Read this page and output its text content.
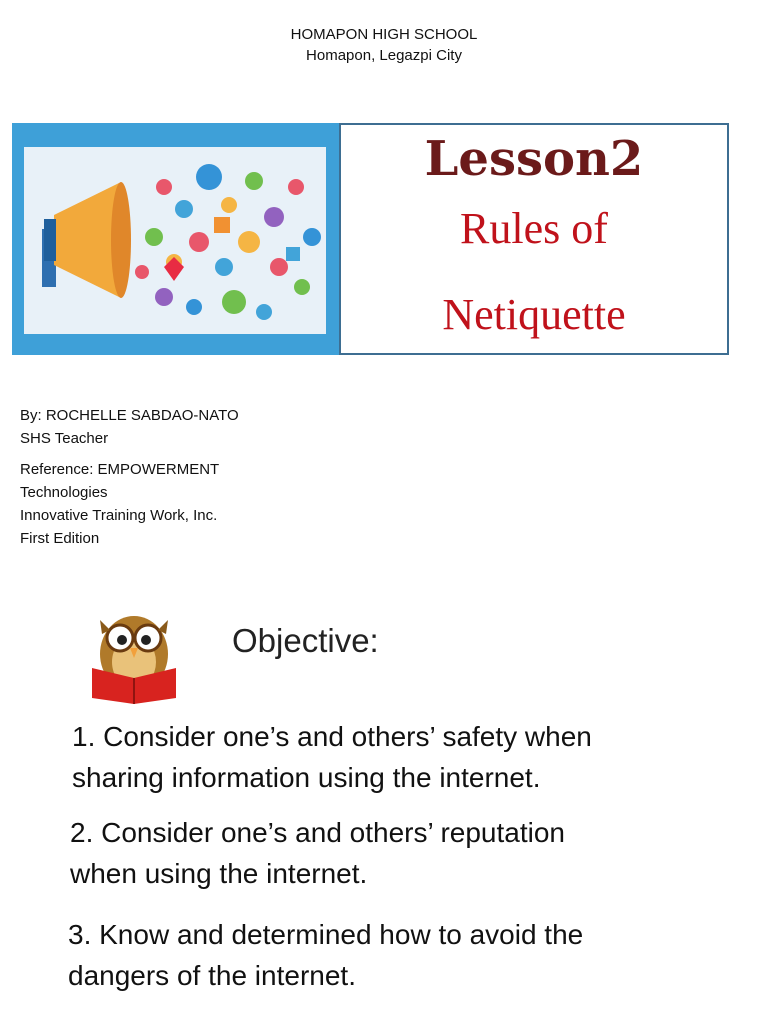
HOMAPON HIGH SCHOOL
Homapon, Legazpi City
Lesson2
Rules of
Netiquette
By: ROCHELLE SABDAO-NATO
SHS Teacher
Reference: EMPOWERMENT
Technologies
Innovative Training Work, Inc.
First Edition
Objective:
1. Consider one’s and others’ safety when
sharing information using the internet.
2. Consider one’s and others’ reputation
when using the internet.
3. Know and determined how to avoid the
dangers of the internet.
